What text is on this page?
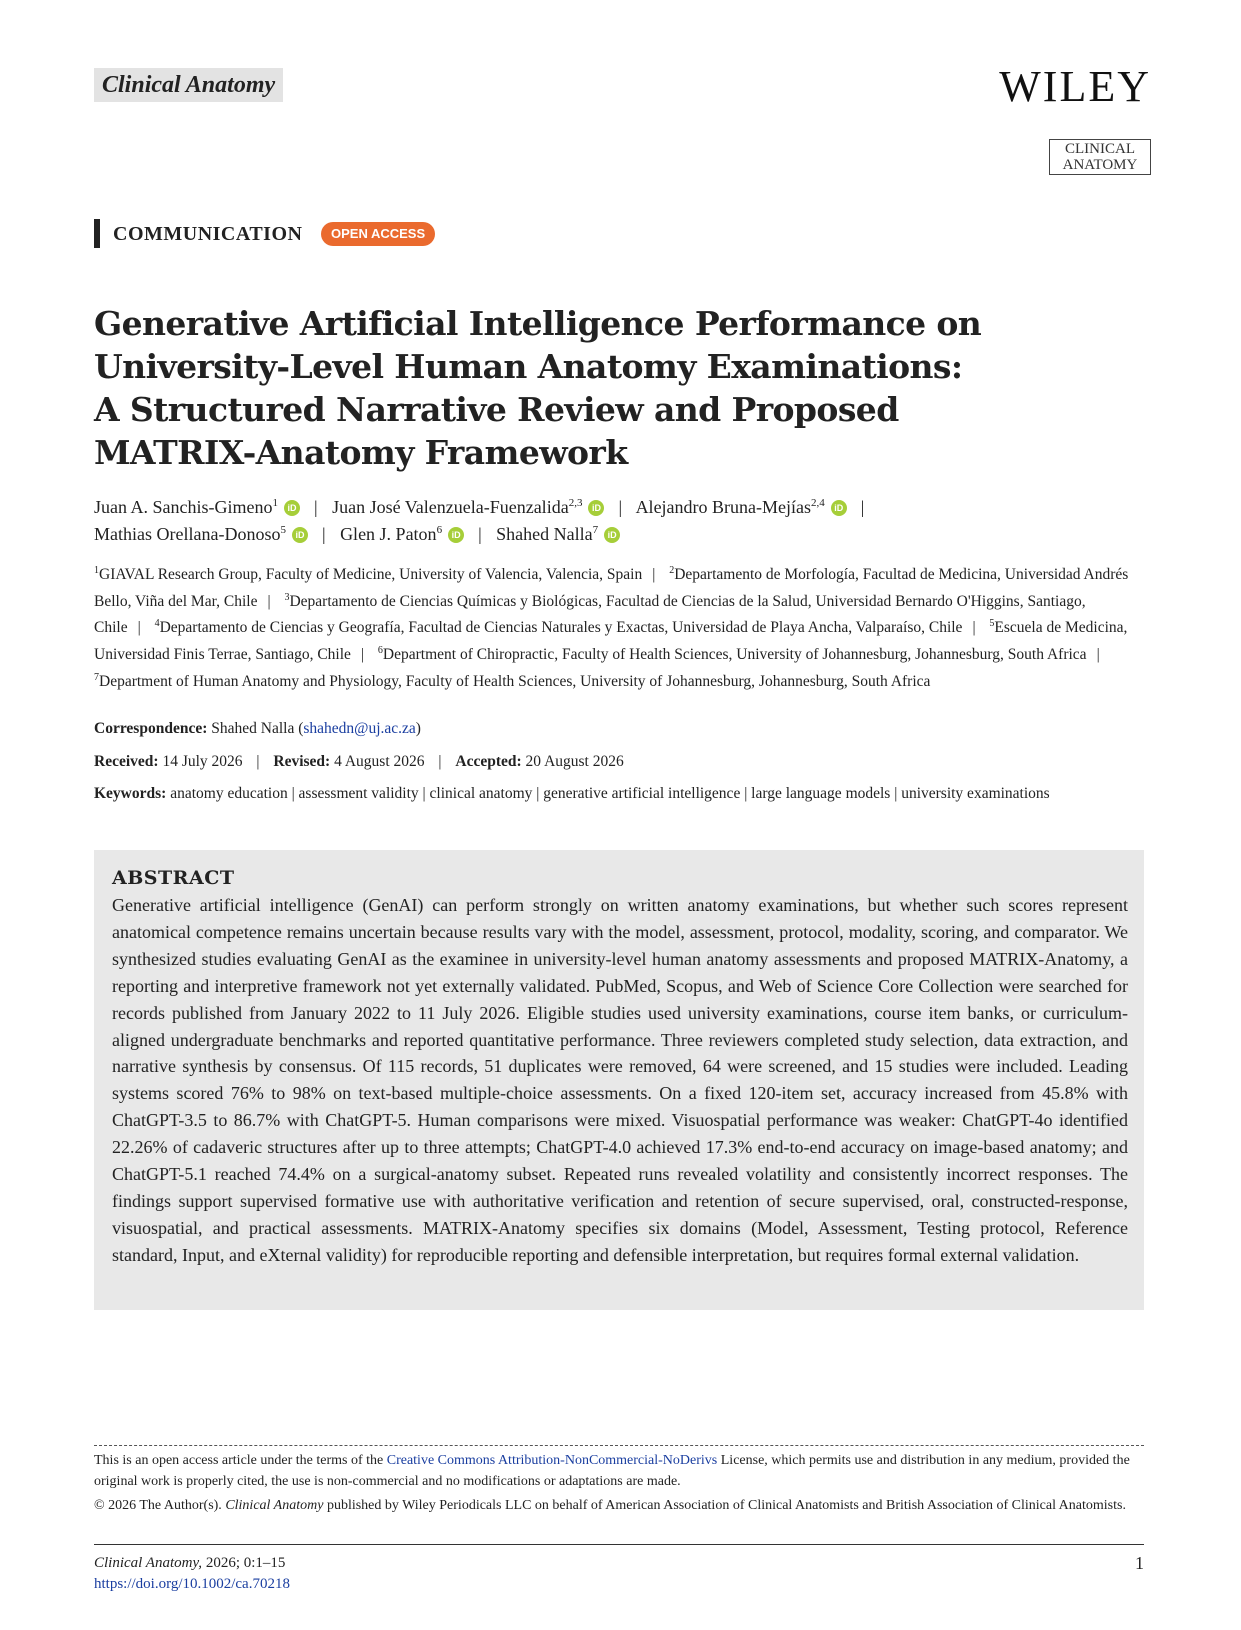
Clinical Anatomy	WILEY
CLINICAL
ANATOMY
COMMUNICATION	OPEN ACCESS
Generative Artificial Intelligence Performance on
University-Level Human Anatomy Examinations:
A Structured Narrative Review and Proposed
MATRIX-Anatomy Framework
Juan A. Sanchis-Gimeno$^1$ iD | Juan José Valenzuela-Fuenzalida$^{2,3}$ iD | Alejandro Bruna-Mejías$^{2,4}$ iD |
Mathias Orellana-Donoso$^5$ iD | Glen J. Paton$^6$ iD | Shahed Nalla$^7$ iD
$^1$GIAVAL Research Group, Faculty of Medicine, University of Valencia, Valencia, Spain | $^2$Departamento de Morfología, Facultad de Medicina, Universidad Andrés Bello, Viña del Mar, Chile | $^3$Departamento de Ciencias Químicas y Biológicas, Facultad de Ciencias de la Salud, Universidad Bernardo O'Higgins, Santiago, Chile | $^4$Departamento de Ciencias y Geografía, Facultad de Ciencias Naturales y Exactas, Universidad de Playa Ancha, Valparaíso, Chile | $^5$Escuela de Medicina, Universidad Finis Terrae, Santiago, Chile | $^6$Department of Chiropractic, Faculty of Health Sciences, University of Johannesburg, Johannesburg, South Africa | $^7$Department of Human Anatomy and Physiology, Faculty of Health Sciences, University of Johannesburg, Johannesburg, South Africa
Correspondence: Shahed Nalla (shahedn@uj.ac.za)
Received: 14 July 2026 | Revised: 4 August 2026 | Accepted: 20 August 2026
Keywords: anatomy education | assessment validity | clinical anatomy | generative artificial intelligence | large language models | university examinations
ABSTRACT
Generative artificial intelligence (GenAI) can perform strongly on written anatomy examinations, but whether such scores represent anatomical competence remains uncertain because results vary with the model, assessment, protocol, modality, scoring, and comparator. We synthesized studies evaluating GenAI as the examinee in university-level human anatomy assessments and proposed MATRIX-Anatomy, a reporting and interpretive framework not yet externally validated. PubMed, Scopus, and Web of Science Core Collection were searched for records published from January 2022 to 11 July 2026. Eligible studies used university examinations, course item banks, or curriculum-aligned undergraduate benchmarks and reported quantitative performance. Three reviewers completed study selection, data extraction, and narrative synthesis by consensus. Of 115 records, 51 duplicates were removed, 64 were screened, and 15 studies were included. Leading systems scored 76% to 98% on text-based multiple-choice assessments. On a fixed 120-item set, accuracy increased from 45.8% with ChatGPT-3.5 to 86.7% with ChatGPT-5. Human comparisons were mixed. Visuospatial performance was weaker: ChatGPT-4o identified 22.26% of cadaveric structures after up to three attempts; ChatGPT-4.0 achieved 17.3% end-to-end accuracy on image-based anatomy; and ChatGPT-5.1 reached 74.4% on a surgical-anatomy subset. Repeated runs revealed volatility and consistently incorrect responses. The findings support supervised formative use with authoritative verification and retention of secure supervised, oral, constructed-response, visuospatial, and practical assessments. MATRIX-Anatomy specifies six domains (Model, Assessment, Testing protocol, Reference standard, Input, and eXternal validity) for reproducible reporting and defensible interpretation, but requires formal external validation.
This is an open access article under the terms of the Creative Commons Attribution-NonCommercial-NoDerivs License, which permits use and distribution in any medium, provided the original work is properly cited, the use is non-commercial and no modifications or adaptations are made.
© 2026 The Author(s). Clinical Anatomy published by Wiley Periodicals LLC on behalf of American Association of Clinical Anatomists and British Association of Clinical Anatomists.
Clinical Anatomy, 2026; 0:1–15
https://doi.org/10.1002/ca.70218
1
